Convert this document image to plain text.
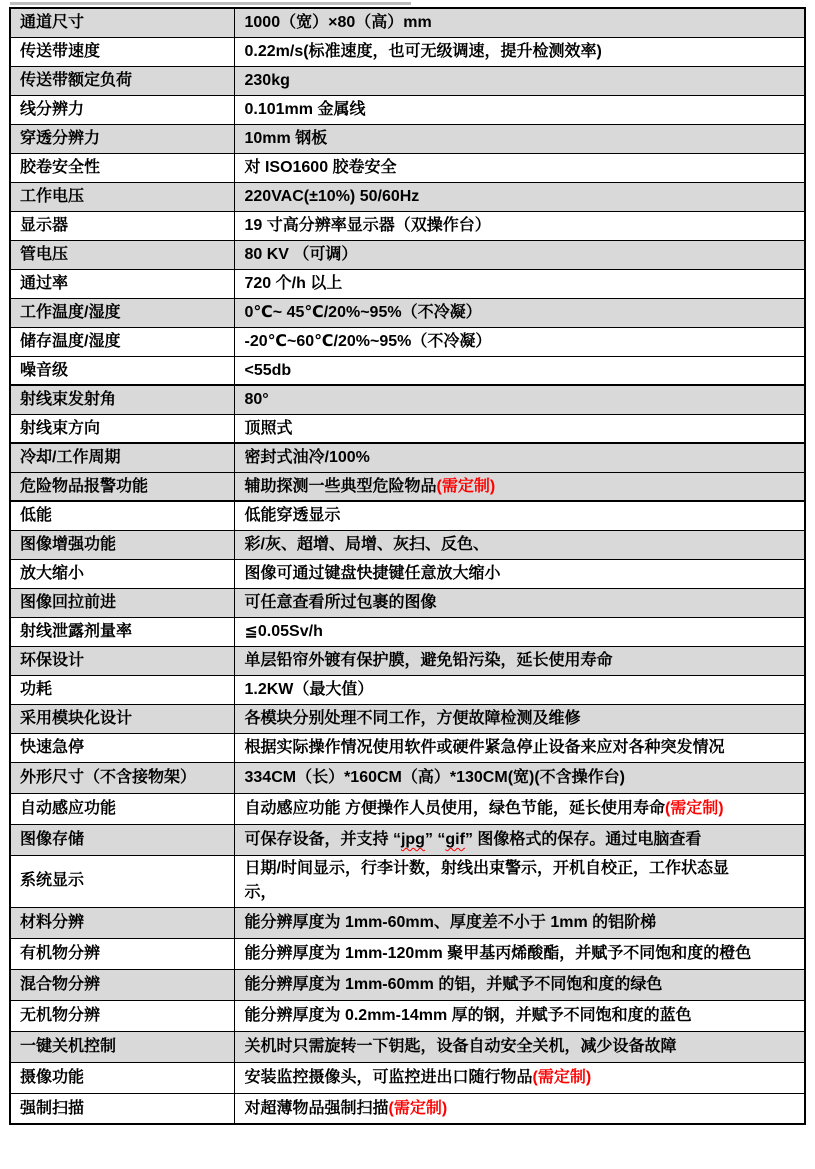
通道尺寸	1000（宽）×80（高）mm
传送带速度	0.22m/s(标准速度，也可无级调速，提升检测效率)
传送带额定负荷	230kg
线分辨力	0.101mm 金属线
穿透分辨力	10mm 钢板
胶卷安全性	对 ISO1600 胶卷安全
工作电压	220VAC(±10%) 50/60Hz
显示器	19 寸高分辨率显示器（双操作台）
管电压	80 KV （可调）
通过率	720 个/h 以上
工作温度/湿度	0℃~ 45℃/20%~95%（不冷凝）
储存温度/湿度	-20℃~60℃/20%~95%（不冷凝）
噪音级	<55db
射线束发射角	80°
射线束方向	顶照式
冷却/工作周期	密封式油冷/100%
危险物品报警功能	辅助探测一些典型危险物品(需定制)
低能	低能穿透显示
图像增强功能	彩/灰、超增、局增、灰扫、反色、
放大缩小	图像可通过键盘快捷键任意放大缩小
图像回拉前进	可任意查看所过包裹的图像
射线泄露剂量率	≦0.05Sv/h
环保设计	单层铅帘外镀有保护膜，避免铅污染，延长使用寿命
功耗	1.2KW（最大值）
采用模块化设计	各模块分别处理不同工作，方便故障检测及维修
快速急停	根据实际操作情况使用软件或硬件紧急停止设备来应对各种突发情况
外形尺寸（不含接物架）	334CM（长）*160CM（高）*130CM(宽)(不含操作台)
自动感应功能	自动感应功能 方便操作人员使用，绿色节能，延长使用寿命(需定制)
图像存储	可保存设备，并支持 “jpg” “gif” 图像格式的保存。通过电脑查看
系统显示	日期/时间显示，行李计数，射线出束警示，开机自校正，工作状态显
示，
材料分辨	能分辨厚度为 1mm-60mm、厚度差不小于 1mm 的铝阶梯
有机物分辨	能分辨厚度为 1mm-120mm 聚甲基丙烯酸酯，并赋予不同饱和度的橙色
混合物分辨	能分辨厚度为 1mm-60mm 的铝，并赋予不同饱和度的绿色
无机物分辨	能分辨厚度为 0.2mm-14mm 厚的钢，并赋予不同饱和度的蓝色
一键关机控制	关机时只需旋转一下钥匙，设备自动安全关机，减少设备故障
摄像功能	安装监控摄像头，可监控进出口随行物品(需定制)
强制扫描	对超薄物品强制扫描(需定制)
